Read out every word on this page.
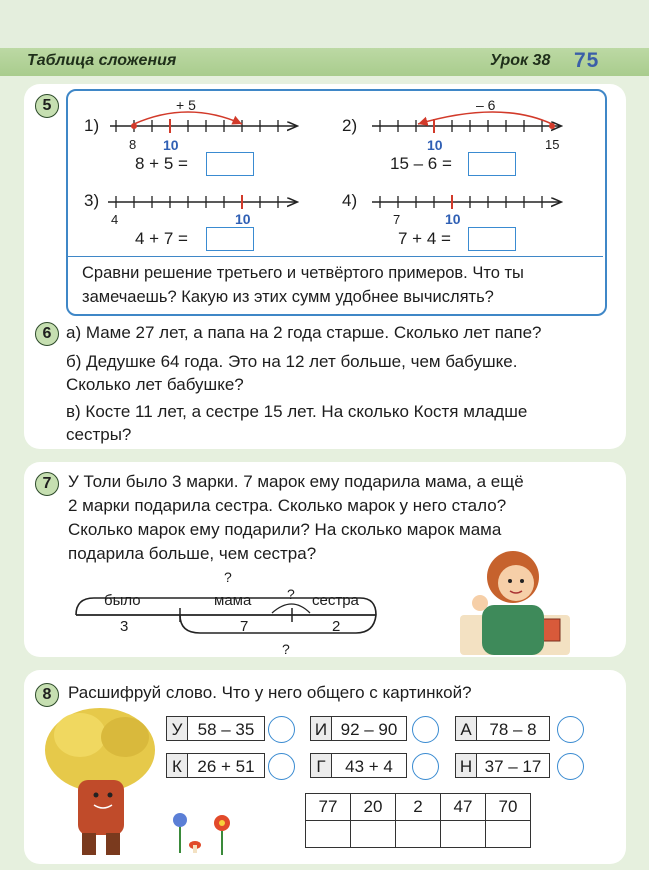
Таблица сложения	Урок 38 75
5
1)
+ 5
8 10
8 + 5 =
2)
– 6
10	15
15 – 6 =
3)
4	10
4 + 7 =
4)
7	10
7 + 4 =
Сравни решение третьего и четвёртого примеров. Что ты замечаешь? Какую из этих сумм удобнее вычислять?
6 а) Маме 27 лет, а папа на 2 года старше. Сколько лет папе?
б) Дедушке 64 года. Это на 12 лет больше, чем бабушке.
Сколько лет бабушке?
в) Косте 11 лет, а сестре 15 лет. На сколько Костя младше
сестры?
7 У Толи было 3 марки. 7 марок ему подарила мама, а ещё
2 марки подарила сестра. Сколько марок у него стало?
Сколько марок ему подарили? На сколько марок мама
подарила больше, чем сестра?
?
было	мама	? сестра
3	7	2
?
8 Расшифруй слово. Что у него общего с картинкой?
У 58 – 35	И 92 – 90	А	78 – 8
К 26 + 51	Г	43 + 4	Н 37 – 17
77	20	2	47	70
